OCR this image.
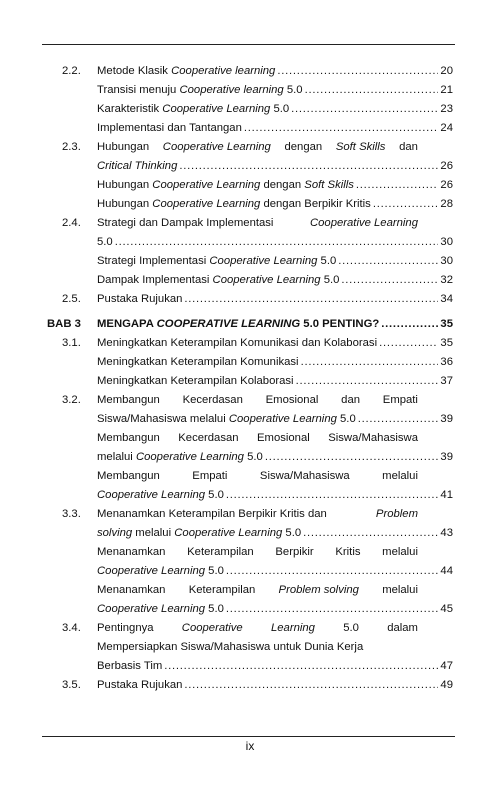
2.2. Metode Klasik Cooperative learning . . .	20
Transisi menuju Cooperative learning 5.0 . . .	21
Karakteristik Cooperative Learning 5.0 . . .	23
Implementasi dan Tantangan . . .	24
2.3. Hubungan Cooperative Learning dengan Soft Skills dan
Critical Thinking . . .	26
Hubungan Cooperative Learning dengan Soft Skills . . .	26
Hubungan Cooperative Learning dengan Berpikir Kritis . . .	28
2.4. Strategi dan Dampak Implementasi	Cooperative Learning
5.0 . . .	30
Strategi Implementasi Cooperative Learning 5.0 . . .	30
Dampak Implementasi Cooperative Learning 5.0 . . .	32
2.5. Pustaka Rujukan . . .	34
BAB 3 MENGAPA COOPERATIVE LEARNING 5.0 PENTING? . . .	35
3.1. Meningkatkan Keterampilan Komunikasi dan Kolaborasi . . .	35
Meningkatkan Keterampilan Komunikasi . . .	36
Meningkatkan Keterampilan Kolaborasi . . .	37
3.2. Membangun Kecerdasan Emosional dan Empati
Siswa/Mahasiswa melalui Cooperative Learning 5.0 . . .	39
Membangun Kecerdasan Emosional Siswa/Mahasiswa
melalui Cooperative Learning 5.0 . . .	39
Membangun	Empati	Siswa/Mahasiswa	melalui
Cooperative Learning 5.0 . . .	41
3.3. Menanamkan Keterampilan Berpikir Kritis dan	Problem
solving melalui Cooperative Learning 5.0 . . .	43
Menanamkan Keterampilan Berpikir Kritis melalui
Cooperative Learning 5.0 . . .	44
Menanamkan Keterampilan Problem solving melalui
Cooperative Learning 5.0 . . .	45
3.4. Pentingnya	Cooperative	Learning	5.0	dalam
Mempersiapkan Siswa/Mahasiswa untuk Dunia Kerja
Berbasis Tim . . .	47
3.5. Pustaka Rujukan . . .	49
ix
